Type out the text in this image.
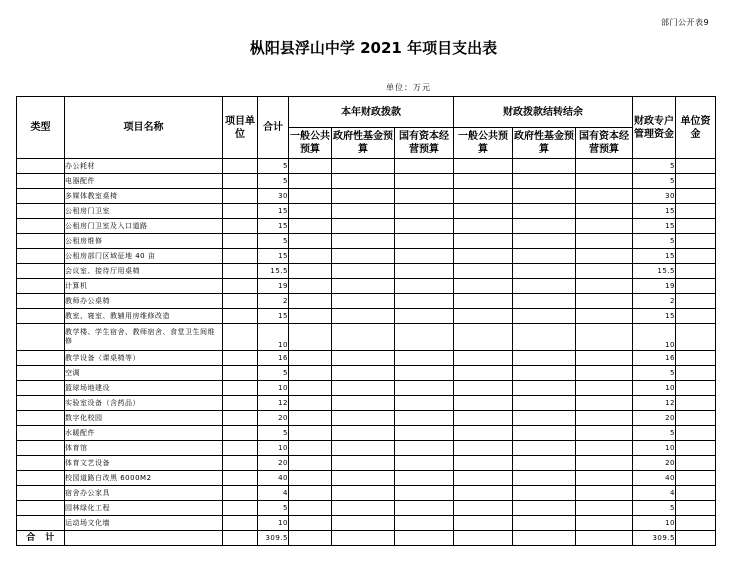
部门公开表9
枞阳县浮山中学 2021 年项目支出表
单位：万元
类型	项目名称	项目单位	合计	本年财政拨款			财政拨款结转结余			财政专户管理资金	单位资金
				一般公共预算	政府性基金预算	国有资本经营预算	一般公共预算	政府性基金预算	国有资本经营预算		
	办公耗材		5							5	
	电器配件		5							5	
	多媒体教室桌椅		30							30	
	公租房门卫室		15							15	
	公租房门卫室及入口道路		15							15	
	公租房维修		5							5	
	公租房部门区域征地 40 亩		15							15	
	会议室、接待厅用桌椅		15.5							15.5	
	计算机		19							19	
	教师办公桌椅		2							2	
	教室、寝室、教辅用房维修改造		15							15	
	教学楼、学生宿舍、教师宿舍、食堂卫生间维修		10							10	
	教学设备（课桌椅等）		16							16	
	空调		5							5	
	篮球场地建设		10							10	
	实验室设备（含药品）		12							12	
	数字化校园		20							20	
	水暖配件		5							5	
	体育馆		10							10	
	体育文艺设备		20							20	
	校园道路白改黑 6000M2		40							40	
	宿舍办公家具		4							4	
	园林绿化工程		5							5	
	运动场文化墙		10							10	
合　计			309.5							309.5	
